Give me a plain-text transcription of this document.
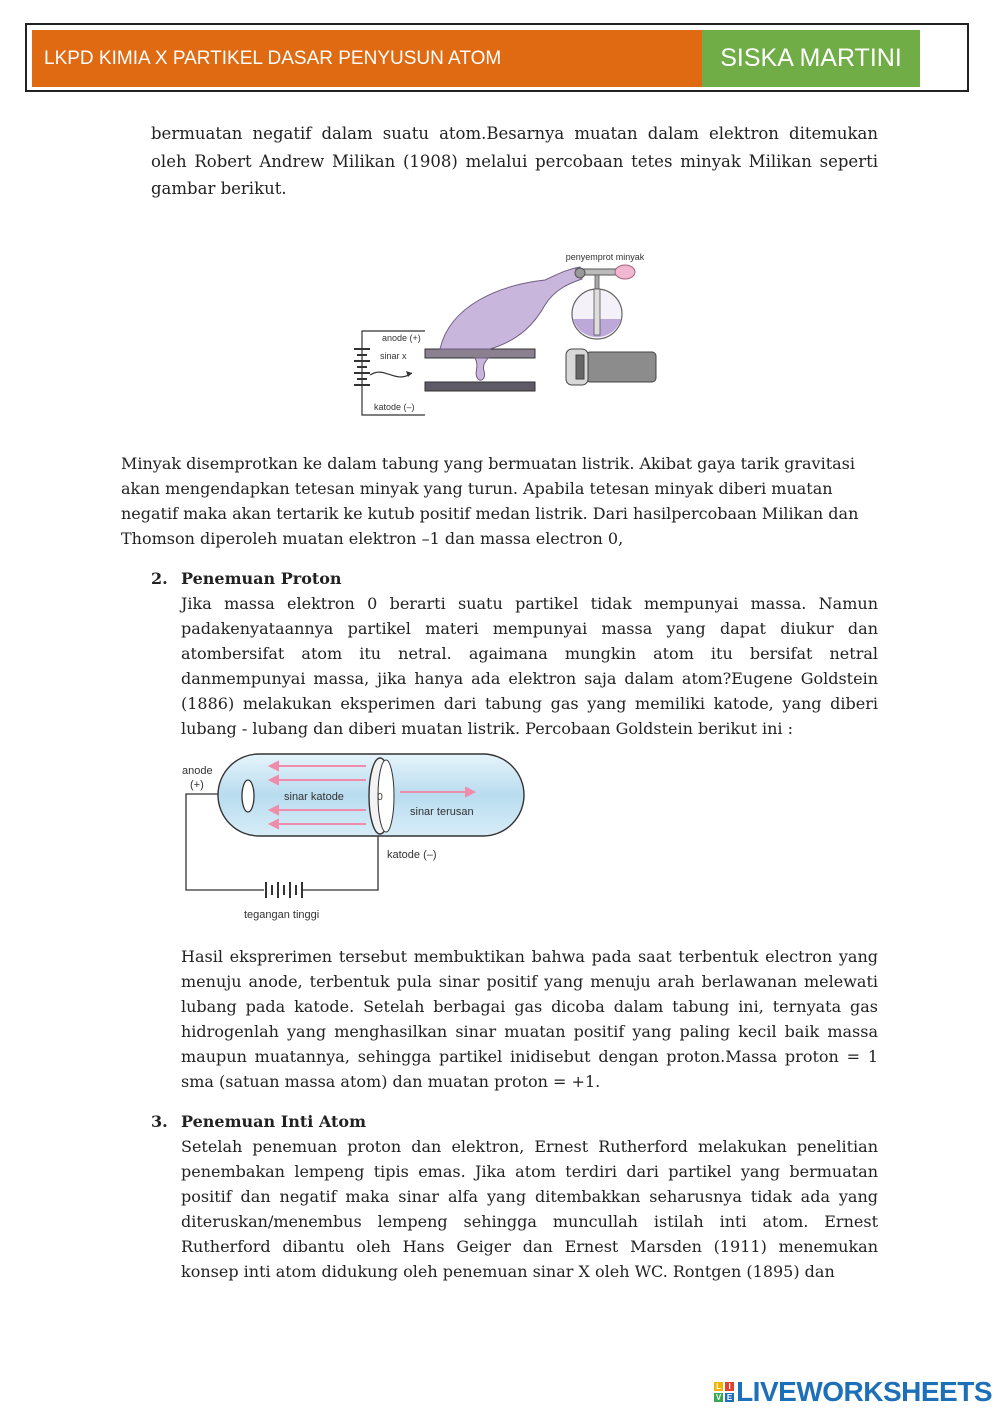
LKPD KIMIA X PARTIKEL DASAR PENYUSUN ATOM	SISKA MARTINI

bermuatan negatif dalam suatu atom.Besarnya muatan dalam elektron ditemukan oleh Robert Andrew Milikan (1908) melalui percobaan tetes minyak Milikan seperti gambar berikut.

penyemprot minyak
anode (+)
sinar x
katode (–)

Minyak disemprotkan ke dalam tabung yang bermuatan listrik. Akibat gaya tarik gravitasi akan mengendapkan tetesan minyak yang turun. Apabila tetesan minyak diberi muatan negatif maka akan tertarik ke kutub positif medan listrik. Dari hasilpercobaan Milikan dan Thomson diperoleh muatan elektron –1 dan massa electron 0,

2. Penemuan Proton

Jika massa elektron 0 berarti suatu partikel tidak mempunyai massa. Namun padakenyataannya partikel materi mempunyai massa yang dapat diukur dan atombersifat atom itu netral. agaimana mungkin atom itu bersifat netral danmempunyai massa, jika hanya ada elektron saja dalam atom?Eugene Goldstein (1886) melakukan eksperimen dari tabung gas yang memiliki katode, yang diberi lubang - lubang dan diberi muatan listrik. Percobaan Goldstein berikut ini :

anode
(+)
sinar katode	0
sinar terusan
katode (–)
tegangan tinggi

Hasil eksprerimen tersebut membuktikan bahwa pada saat terbentuk electron yang menuju anode, terbentuk pula sinar positif yang menuju arah berlawanan melewati lubang pada katode. Setelah berbagai gas dicoba dalam tabung ini, ternyata gas hidrogenlah yang menghasilkan sinar muatan positif yang paling kecil baik massa maupun muatannya, sehingga partikel inidisebut dengan proton.Massa proton = 1 sma (satuan massa atom) dan muatan proton = +1.

3. Penemuan Inti Atom

Setelah penemuan proton dan elektron, Ernest Rutherford melakukan penelitian penembakan lempeng tipis emas. Jika atom terdiri dari partikel yang bermuatan positif dan negatif maka sinar alfa yang ditembakkan seharusnya tidak ada yang diteruskan/menembus lempeng sehingga muncullah istilah inti atom. Ernest Rutherford dibantu oleh Hans Geiger dan Ernest Marsden (1911) menemukan konsep inti atom didukung oleh penemuan sinar X oleh WC. Rontgen (1895) dan

L I
V E LIVEWORKSHEETS
